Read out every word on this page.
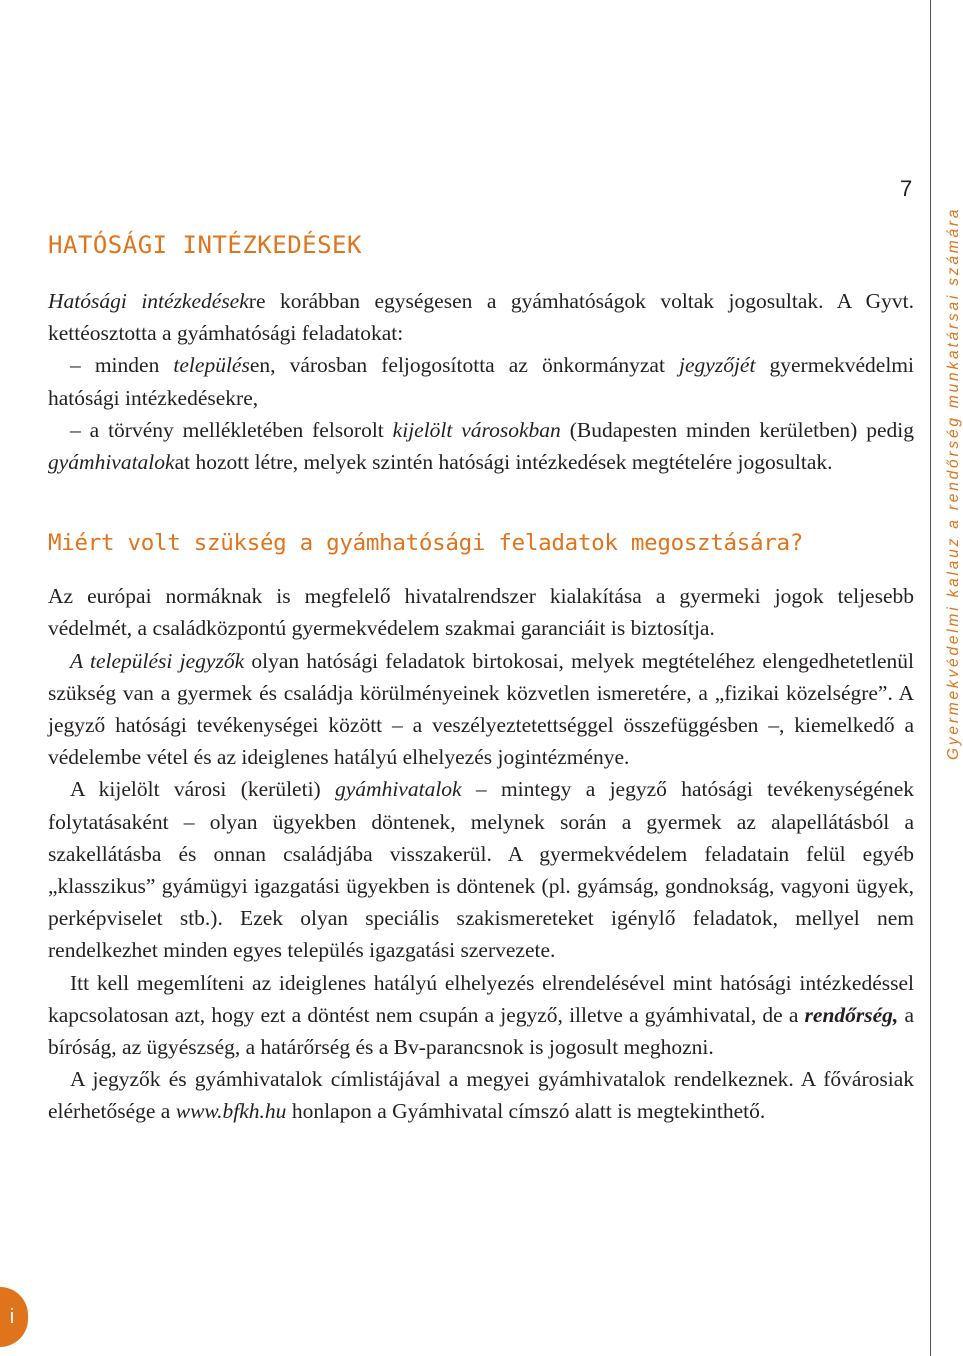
7
Gyermekvédelmi kalauz a rendőrség munkatársai számára
HATÓSÁGI INTÉZKEDÉSEK

Hatósági intézkedésekre korábban egységesen a gyámhatóságok voltak jogosultak. A Gyvt. kettéosztotta a gyámhatósági feladatokat:

– minden településen, városban feljogosította az önkormányzat jegyzőjét gyermekvédelmi hatósági intézkedésekre,

– a törvény mellékletében felsorolt kijelölt városokban (Budapesten minden kerületben) pedig gyámhivatalokat hozott létre, melyek szintén hatósági intézkedések megtételére jogosultak.

Miért volt szükség a gyámhatósági feladatok megosztására?

Az európai normáknak is megfelelő hivatalrendszer kialakítása a gyermeki jogok teljesebb védelmét, a családközpontú gyermekvédelem szakmai garanciáit is biztosítja.

A települési jegyzők olyan hatósági feladatok birtokosai, melyek megtételéhez elengedhetetlenül szükség van a gyermek és családja körülményeinek közvetlen ismeretére, a „fizikai közelségre”. A jegyző hatósági tevékenységei között – a veszélyeztetettséggel összefüggésben –, kiemelkedő a védelembe vétel és az ideiglenes hatályú elhelyezés jogintézménye.

A kijelölt városi (kerületi) gyámhivatalok – mintegy a jegyző hatósági tevékenységének folytatásaként – olyan ügyekben döntenek, melynek során a gyermek az alapellátásból a szakellátásba és onnan családjába visszakerül. A gyermekvédelem feladatain felül egyéb „klasszikus” gyámügyi igazgatási ügyekben is döntenek (pl. gyámság, gondnokság, vagyoni ügyek, perképviselet stb.). Ezek olyan speciális szakismereteket igénylő feladatok, mellyel nem rendelkezhet minden egyes település igazgatási szervezete.

Itt kell megemlíteni az ideiglenes hatályú elhelyezés elrendelésével mint hatósági intézkedéssel kapcsolatosan azt, hogy ezt a döntést nem csupán a jegyző, illetve a gyámhivatal, de a rendőrség, a bíróság, az ügyészség, a határőrség és a Bv-parancsnok is jogosult meghozni.

A jegyzők és gyámhivatalok címlistájával a megyei gyámhivatalok rendelkeznek. A fővárosiak elérhetősége a www.bfkh.hu honlapon a Gyámhivatal címszó alatt is megtekinthető.

i
